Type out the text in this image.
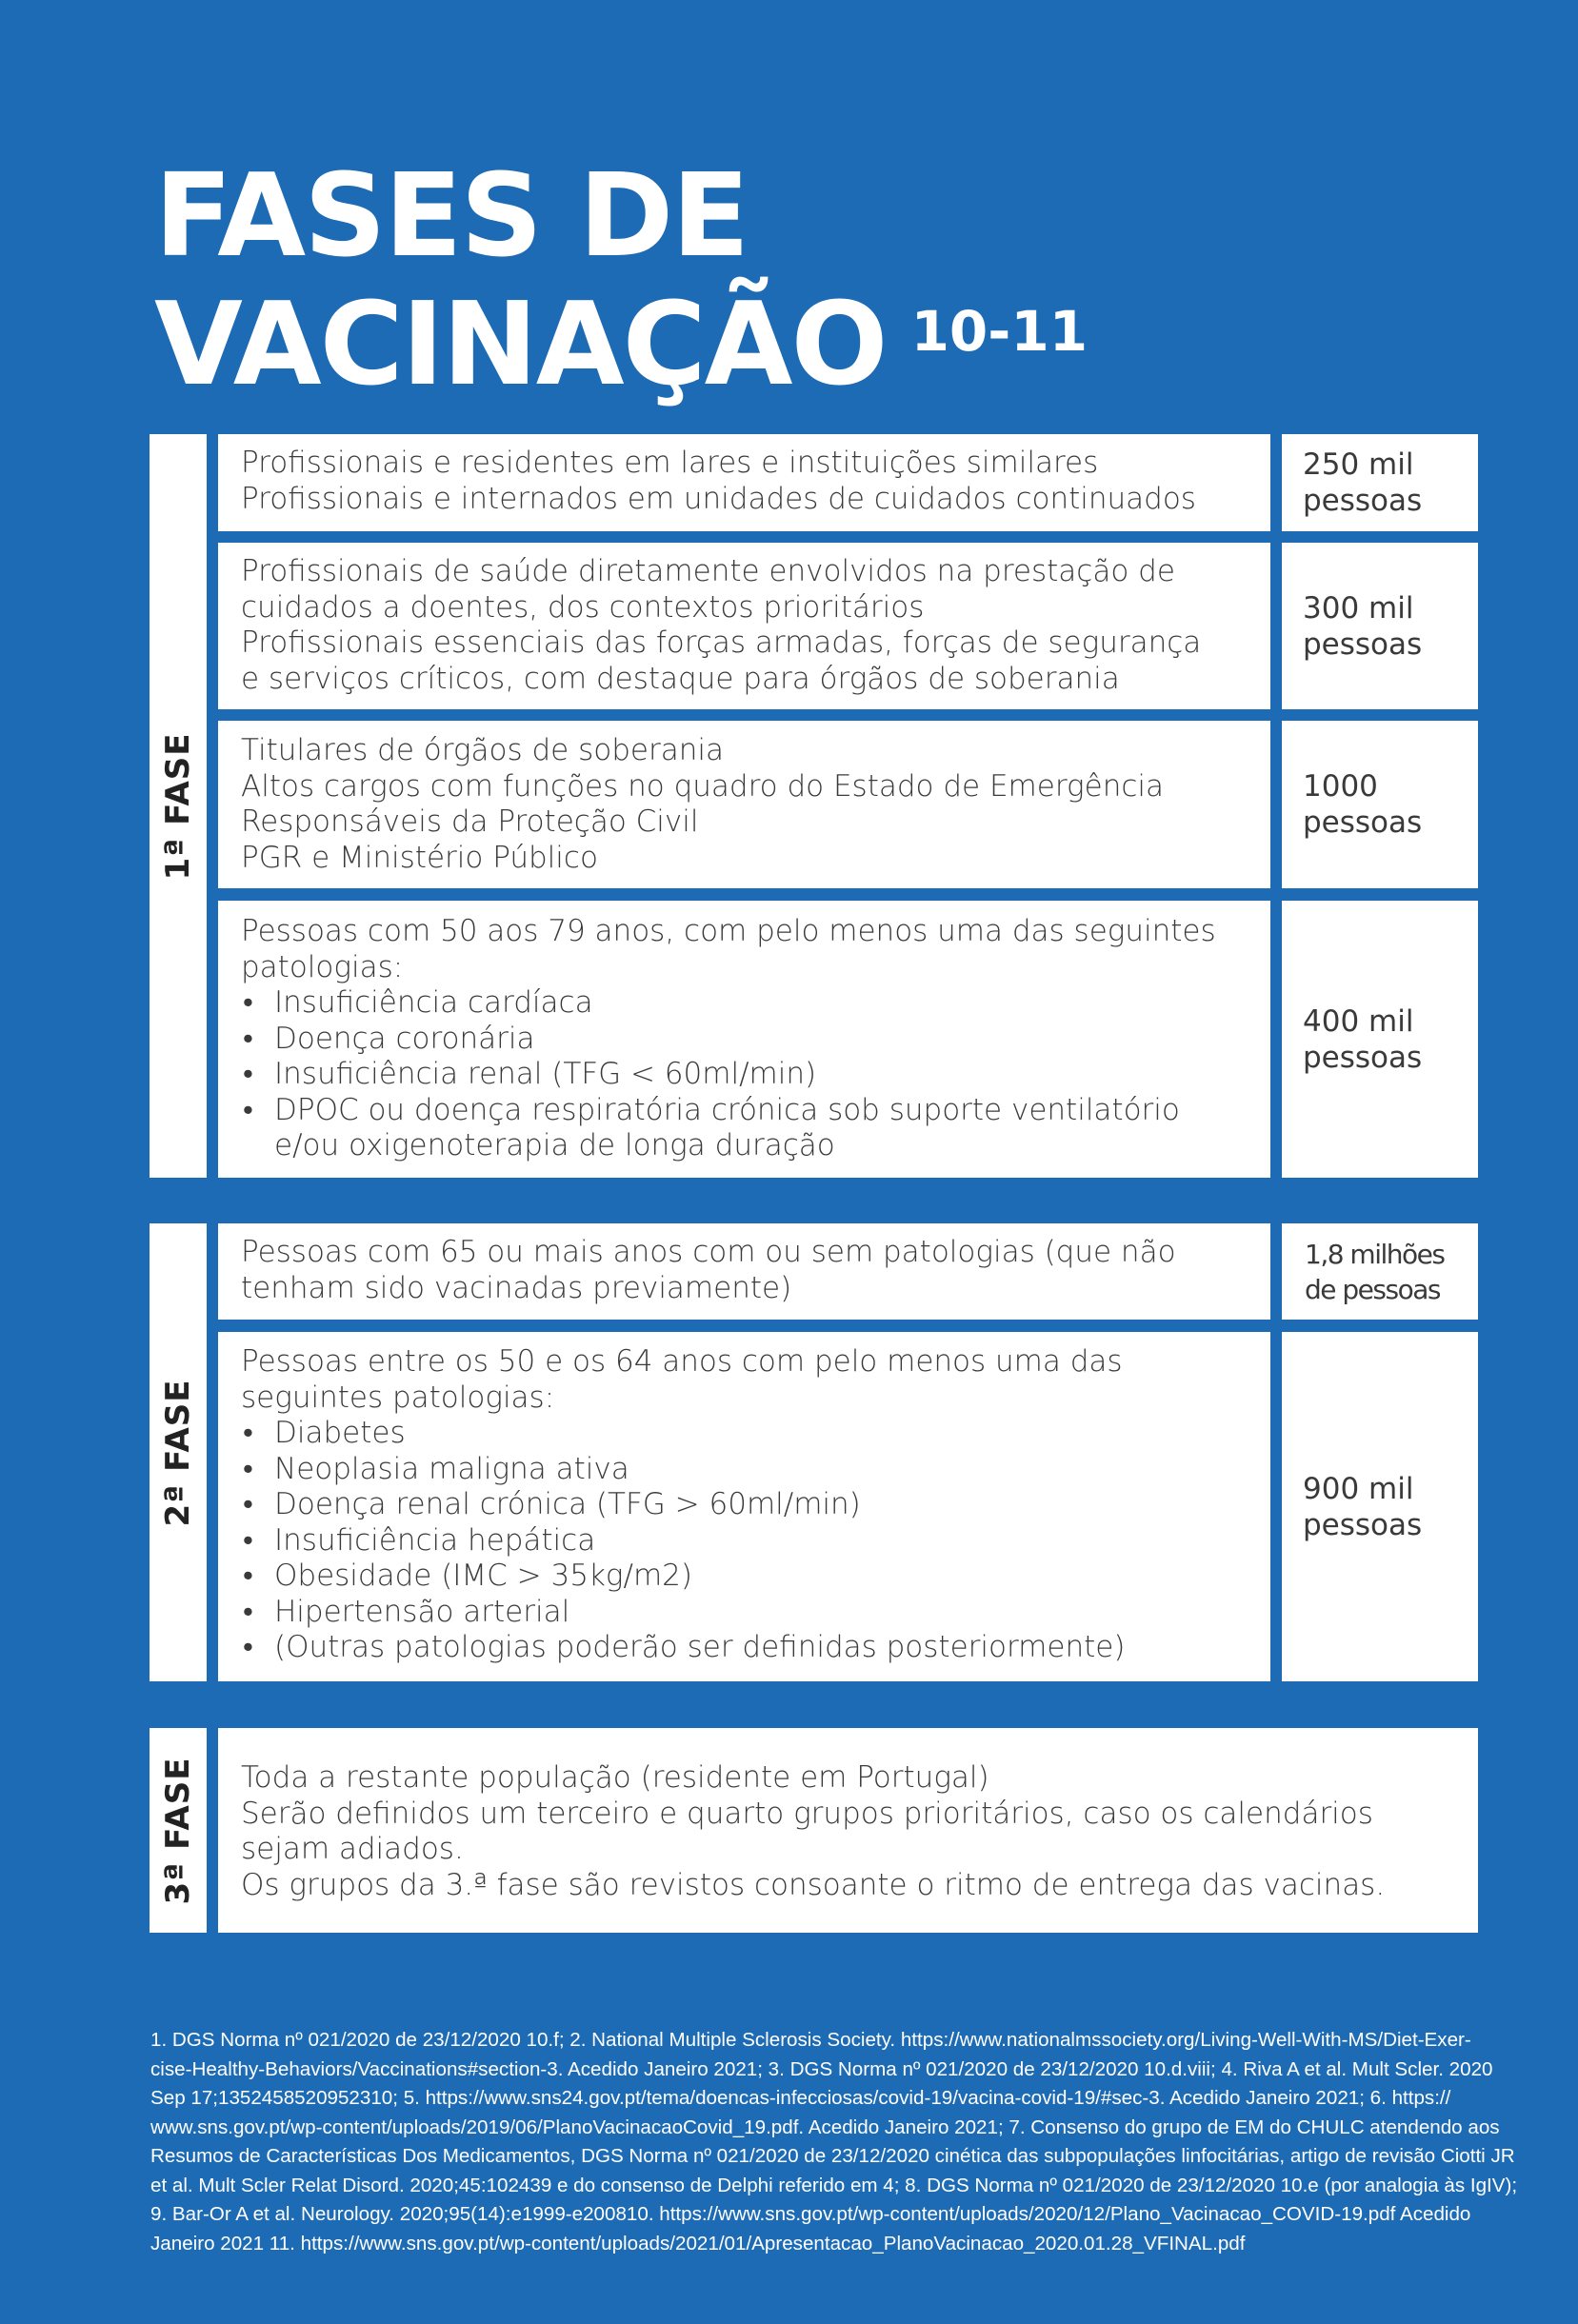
FASES DE
VACINAÇÃO $^{10-11}$
1ª FASE
Profissionais e residentes em lares e instituições similares
Profissionais e internados em unidades de cuidados continuados
250 mil
pessoas
Profissionais de saúde diretamente envolvidos na prestação de
cuidados a doentes, dos contextos prioritários
Profissionais essenciais das forças armadas, forças de segurança
e serviços críticos, com destaque para órgãos de soberania
300 mil
pessoas
Titulares de órgãos de soberania
Altos cargos com funções no quadro do Estado de Emergência
Responsáveis da Proteção Civil
PGR e Ministério Público
1000
pessoas
Pessoas com 50 aos 79 anos, com pelo menos uma das seguintes
patologias:
• Insuficiência cardíaca
• Doença coronária
• Insuficiência renal (TFG < 60ml/min)
• DPOC ou doença respiratória crónica sob suporte ventilatório
e/ou oxigenoterapia de longa duração
400 mil
pessoas
2ª FASE
Pessoas com 65 ou mais anos com ou sem patologias (que não
tenham sido vacinadas previamente)
1,8 milhões
de pessoas
Pessoas entre os 50 e os 64 anos com pelo menos uma das
seguintes patologias:
• Diabetes
• Neoplasia maligna ativa
• Doença renal crónica (TFG > 60ml/min)
• Insuficiência hepática
• Obesidade (IMC > 35kg/m2)
• Hipertensão arterial
• (Outras patologias poderão ser definidas posteriormente)
900 mil
pessoas
3ª FASE Toda a restante população (residente em Portugal)
Serão definidos um terceiro e quarto grupos prioritários, caso os calendários
sejam adiados.
Os grupos da 3.ª fase são revistos consoante o ritmo de entrega das vacinas.
1. DGS Norma nº 021/2020 de 23/12/2020 10.f; 2. National Multiple Sclerosis Society. https://www.nationalmssociety.org/Living-Well-With-MS/Diet-Exer-
cise-Healthy-Behaviors/Vaccinations#section-3. Acedido Janeiro 2021; 3. DGS Norma nº 021/2020 de 23/12/2020 10.d.viii; 4. Riva A et al. Mult Scler. 2020
Sep 17;1352458520952310; 5. https://www.sns24.gov.pt/tema/doencas-infecciosas/covid-19/vacina-covid-19/#sec-3. Acedido Janeiro 2021; 6. https://
www.sns.gov.pt/wp-content/uploads/2019/06/PlanoVacinacaoCovid_19.pdf. Acedido Janeiro 2021; 7. Consenso do grupo de EM do CHULC atendendo aos
Resumos de Características Dos Medicamentos, DGS Norma nº 021/2020 de 23/12/2020 cinética das subpopulações linfocitárias, artigo de revisão Ciotti JR
et al. Mult Scler Relat Disord. 2020;45:102439 e do consenso de Delphi referido em 4; 8. DGS Norma nº 021/2020 de 23/12/2020 10.e (por analogia às IgIV);
9. Bar-Or A et al. Neurology. 2020;95(14):e1999-e200810. https://www.sns.gov.pt/wp-content/uploads/2020/12/Plano_Vacinacao_COVID-19.pdf Acedido
Janeiro 2021 11. https://www.sns.gov.pt/wp-content/uploads/2021/01/Apresentacao_PlanoVacinacao_2020.01.28_VFINAL.pdf
